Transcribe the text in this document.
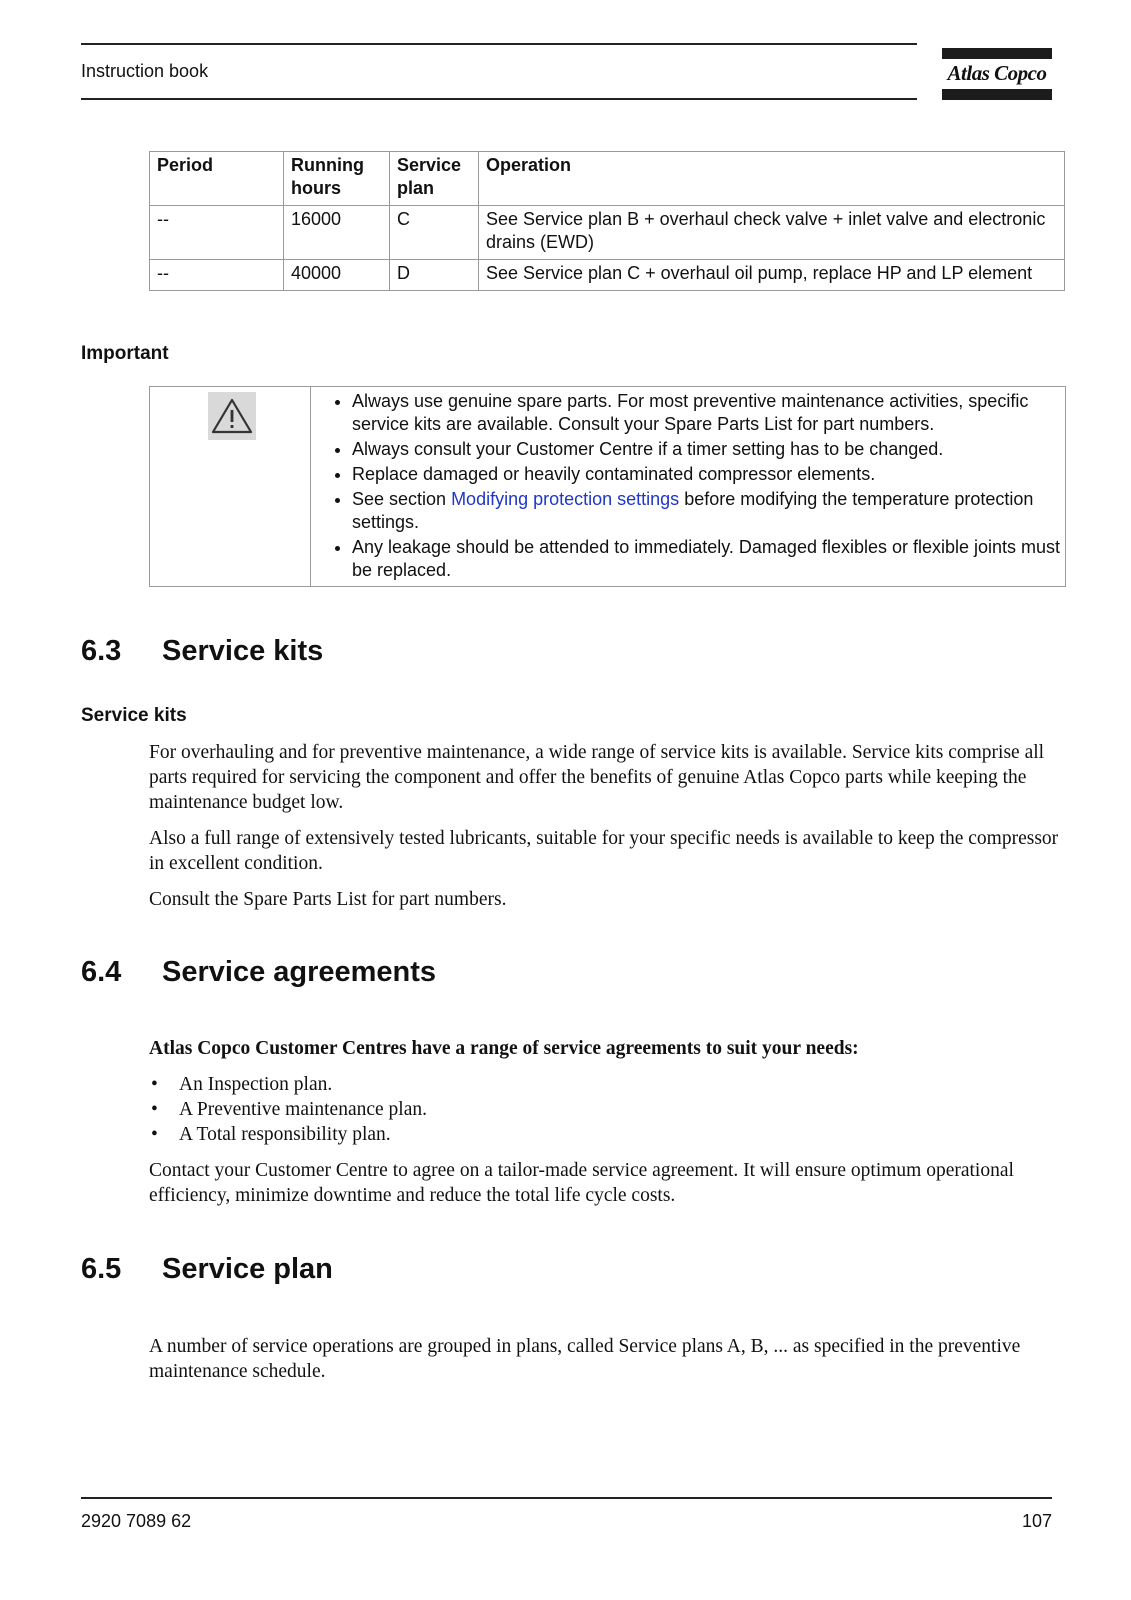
Instruction book	Atlas Copco
Period	Running hours	Service plan	Operation
--	16000	C	See Service plan B + overhaul check valve + inlet valve and electronic drains (EWD)
--	40000	D	See Service plan C + overhaul oil pump, replace HP and LP element
Important

• Always use genuine spare parts. For most preventive maintenance activities, specific service kits are available. Consult your Spare Parts List for part numbers.
• Always consult your Customer Centre if a timer setting has to be changed.
• Replace damaged or heavily contaminated compressor elements.
• See section Modifying protection settings before modifying the temperature protection settings.
• Any leakage should be attended to immediately. Damaged flexibles or flexible joints must be replaced.
6.3 Service kits
Service kits

For overhauling and for preventive maintenance, a wide range of service kits is available. Service kits comprise all parts required for servicing the component and offer the benefits of genuine Atlas Copco parts while keeping the maintenance budget low.

Also a full range of extensively tested lubricants, suitable for your specific needs is available to keep the compressor in excellent condition.

Consult the Spare Parts List for part numbers.

6.4 Service agreements

Atlas Copco Customer Centres have a range of service agreements to suit your needs:

• An Inspection plan.
• A Preventive maintenance plan.
• A Total responsibility plan.

Contact your Customer Centre to agree on a tailor-made service agreement. It will ensure optimum operational efficiency, minimize downtime and reduce the total life cycle costs.

6.5 Service plan

A number of service operations are grouped in plans, called Service plans A, B, ... as specified in the preventive maintenance schedule.

2920 7089 62	107
